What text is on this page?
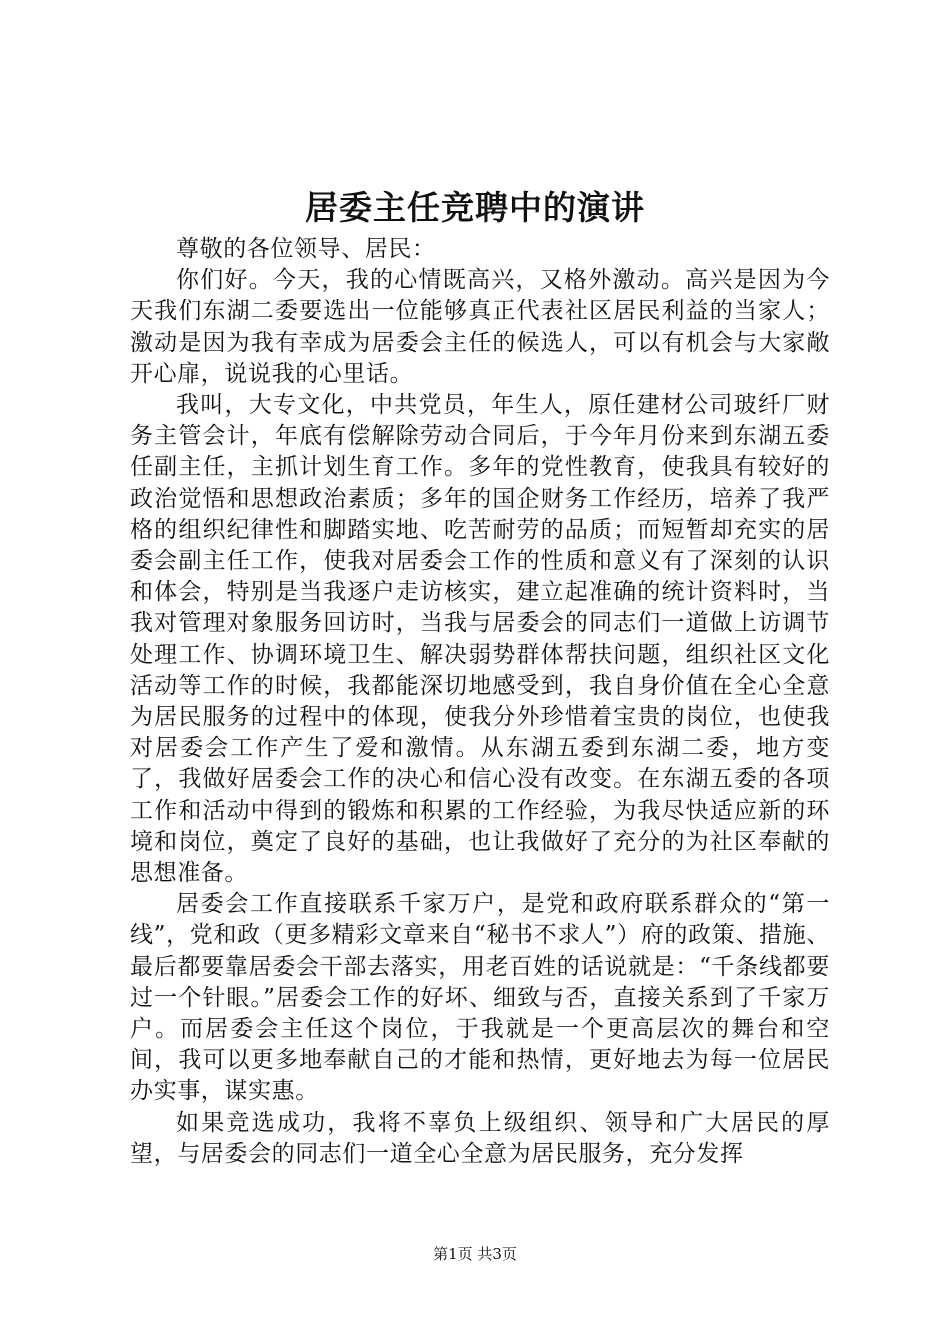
居委主任竞聘中的演讲

尊敬的各位领导、居民：

你们好。今天，我的心情既高兴，又格外激动。高兴是因为今天我们东湖二委要选出一位能够真正代表社区居民利益的当家人；激动是因为我有幸成为居委会主任的候选人，可以有机会与大家敞开心扉，说说我的心里话。

我叫，大专文化，中共党员，年生人，原任建材公司玻纤厂财务主管会计，年底有偿解除劳动合同后，于今年月份来到东湖五委任副主任，主抓计划生育工作。多年的党性教育，使我具有较好的政治觉悟和思想政治素质；多年的国企财务工作经历，培养了我严格的组织纪律性和脚踏实地、吃苦耐劳的品质；而短暂却充实的居委会副主任工作，使我对居委会工作的性质和意义有了深刻的认识和体会，特别是当我逐户走访核实，建立起准确的统计资料时，当我对管理对象服务回访时，当我与居委会的同志们一道做上访调节处理工作、协调环境卫生、解决弱势群体帮扶问题，组织社区文化活动等工作的时候，我都能深切地感受到，我自身价值在全心全意为居民服务的过程中的体现，使我分外珍惜着宝贵的岗位，也使我对居委会工作产生了爱和激情。从东湖五委到东湖二委，地方变了，我做好居委会工作的决心和信心没有改变。在东湖五委的各项工作和活动中得到的锻炼和积累的工作经验，为我尽快适应新的环境和岗位，奠定了良好的基础，也让我做好了充分的为社区奉献的思想准备。

居委会工作直接联系千家万户，是党和政府联系群众的“第一线”，党和政（更多精彩文章来自“秘书不求人”）府的政策、措施、最后都要靠居委会干部去落实，用老百姓的话说就是：“千条线都要过一个针眼。”居委会工作的好坏、细致与否，直接关系到了千家万户。而居委会主任这个岗位，于我就是一个更高层次的舞台和空间，我可以更多地奉献自己的才能和热情，更好地去为每一位居民办实事，谋实惠。

如果竞选成功，我将不辜负上级组织、领导和广大居民的厚望，与居委会的同志们一道全心全意为居民服务，充分发挥

第1页 共3页
